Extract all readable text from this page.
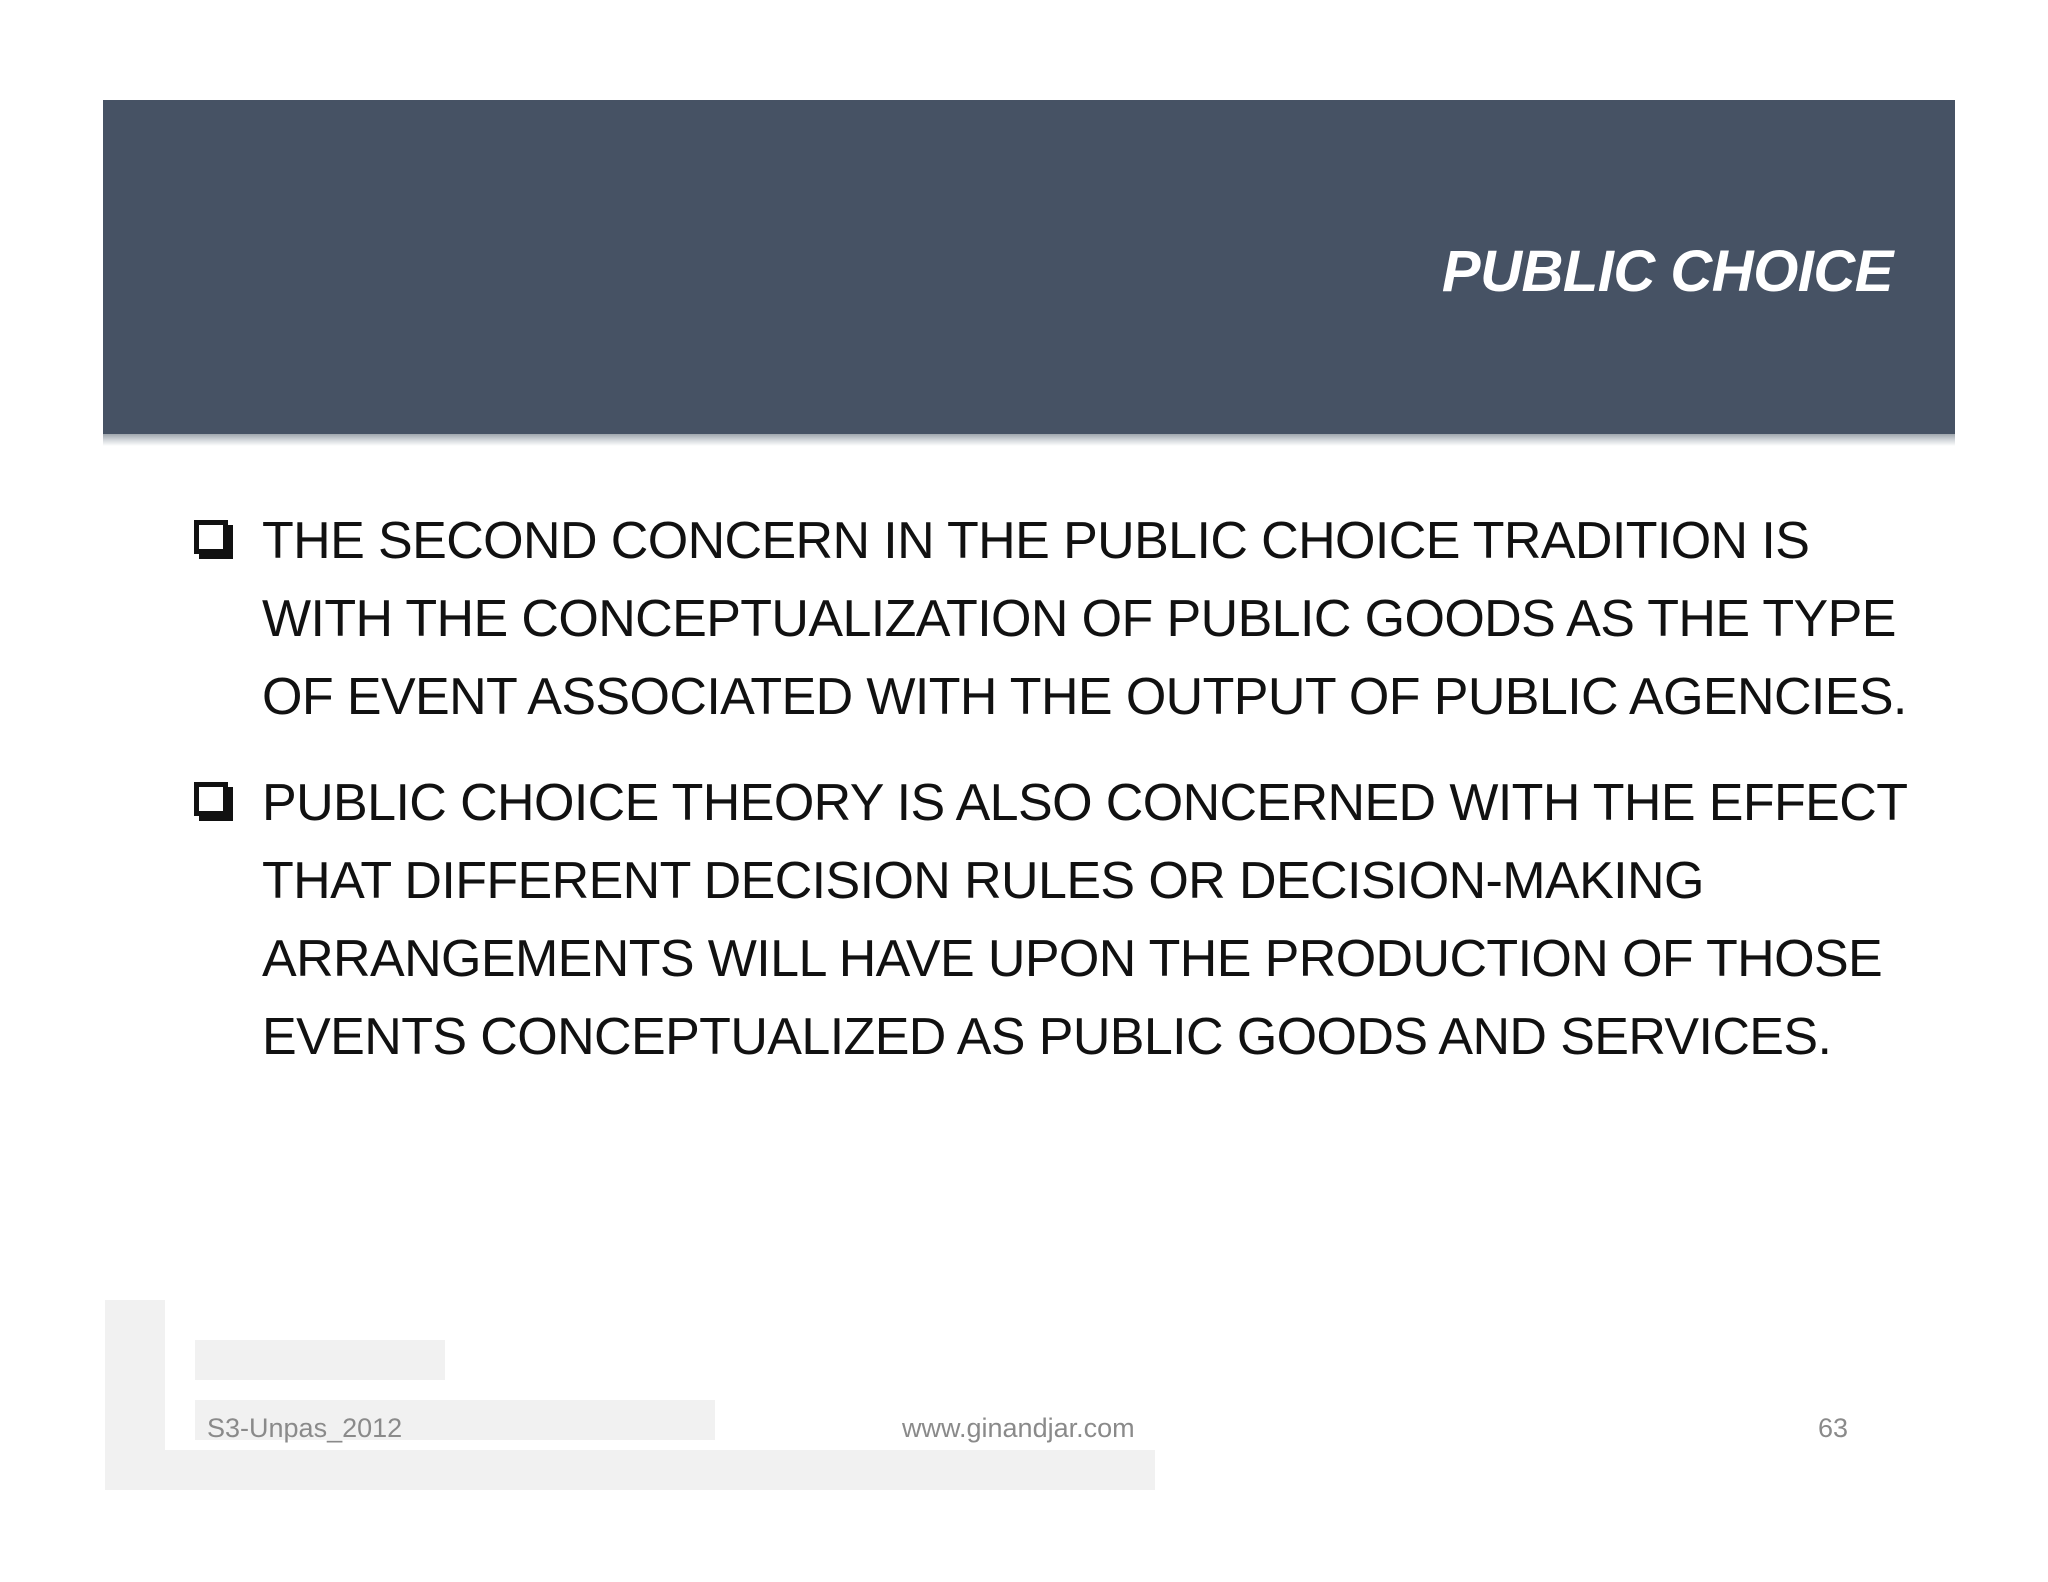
PUBLIC CHOICE
THE SECOND CONCERN IN THE PUBLIC CHOICE TRADITION IS WITH THE CONCEPTUALIZATION OF PUBLIC GOODS AS THE TYPE OF EVENT ASSOCIATED WITH THE OUTPUT OF PUBLIC AGENCIES.
PUBLIC CHOICE THEORY IS ALSO CONCERNED WITH THE EFFECT THAT DIFFERENT DECISION RULES OR DECISION-MAKING ARRANGEMENTS WILL HAVE UPON THE PRODUCTION OF THOSE EVENTS CONCEPTUALIZED AS PUBLIC GOODS AND SERVICES.
S3-Unpas_2012	www.ginandjar.com	63
